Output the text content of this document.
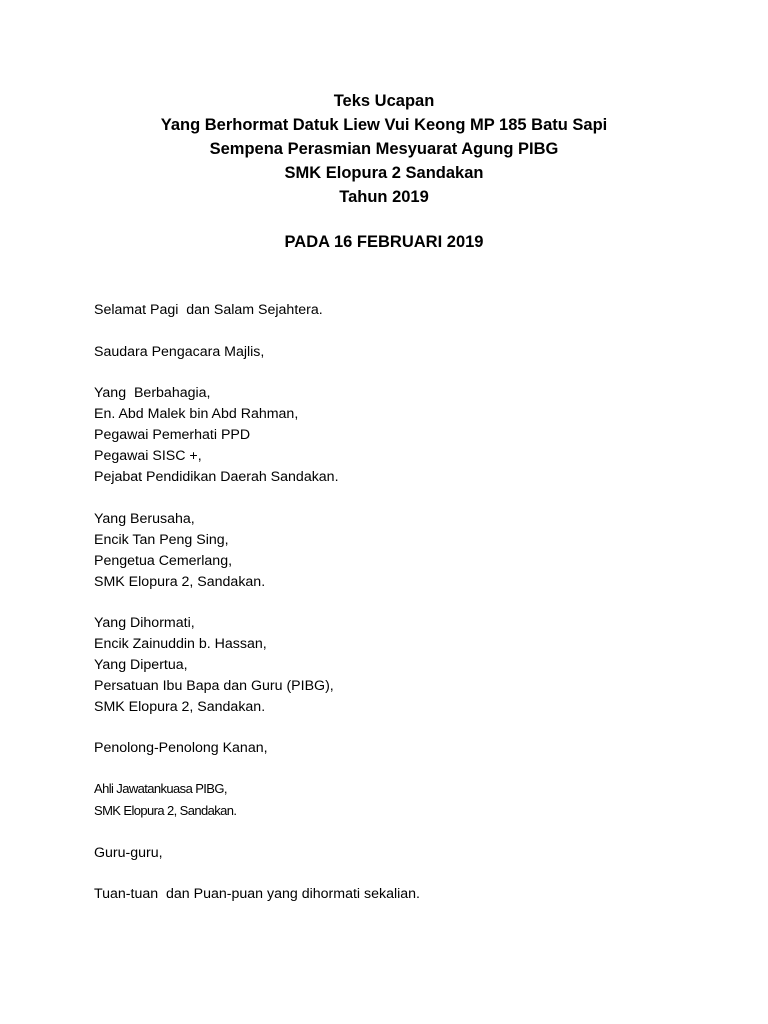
Teks Ucapan
Yang Berhormat Datuk Liew Vui Keong MP 185 Batu Sapi
Sempena Perasmian Mesyuarat Agung PIBG
SMK Elopura 2 Sandakan
Tahun 2019
PADA 16 FEBRUARI 2019
Selamat Pagi  dan Salam Sejahtera.
Saudara Pengacara Majlis,
Yang  Berbahagia,
En. Abd Malek bin Abd Rahman,
Pegawai Pemerhati PPD
Pegawai SISC +,
Pejabat Pendidikan Daerah Sandakan.
Yang Berusaha,
Encik Tan Peng Sing,
Pengetua Cemerlang,
SMK Elopura 2, Sandakan.
Yang Dihormati,
Encik Zainuddin b. Hassan,
Yang Dipertua,
Persatuan Ibu Bapa dan Guru (PIBG),
SMK Elopura 2, Sandakan.
Penolong-Penolong Kanan,
Ahli Jawatankuasa PIBG,
SMK Elopura 2, Sandakan.
Guru-guru,
Tuan-tuan  dan Puan-puan yang dihormati sekalian.
